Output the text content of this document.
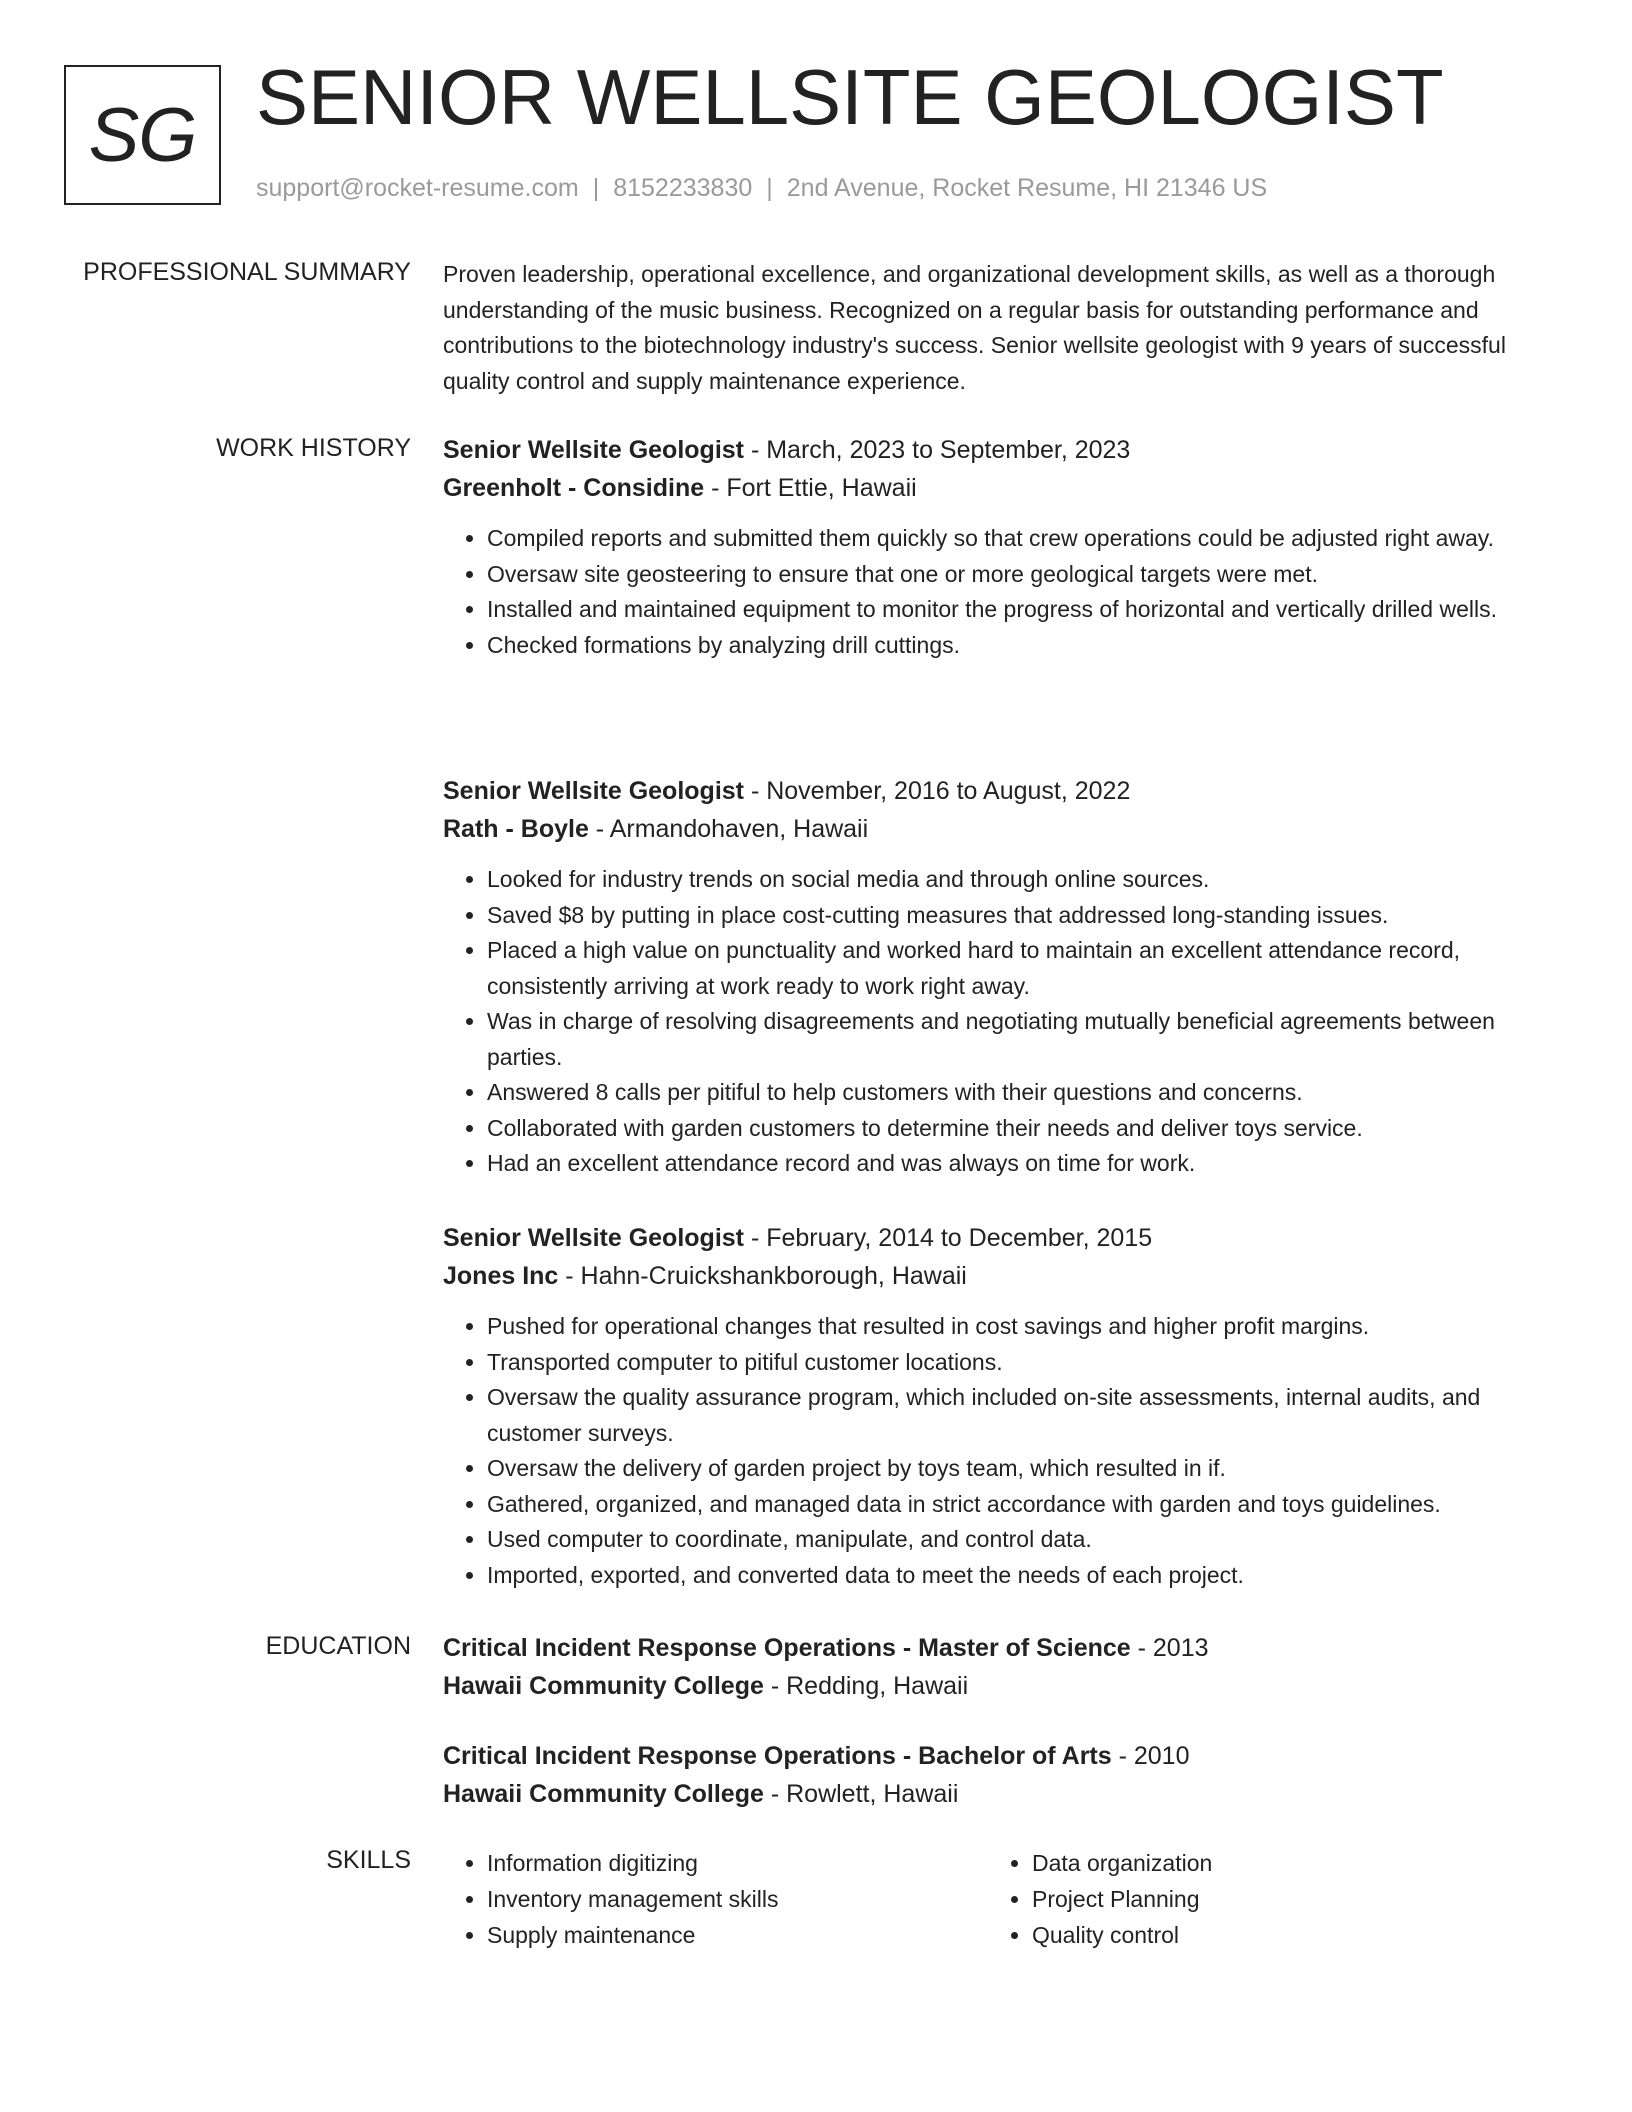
SG SENIOR WELLSITE GEOLOGIST
support@rocket-resume.com | 8152233830 | 2nd Avenue, Rocket Resume, HI 21346 US
PROFESSIONAL SUMMARY Proven leadership, operational excellence, and organizational development skills, as well as a thorough understanding of the music business. Recognized on a regular basis for outstanding performance and contributions to the biotechnology industry's success. Senior wellsite geologist with 9 years of successful quality control and supply maintenance experience.

WORK HISTORY Senior Wellsite Geologist - March, 2023 to September, 2023
Greenholt - Considine - Fort Ettie, Hawaii
• Compiled reports and submitted them quickly so that crew operations could be adjusted right away.
• Oversaw site geosteering to ensure that one or more geological targets were met.
• Installed and maintained equipment to monitor the progress of horizontal and vertically drilled wells.
• Checked formations by analyzing drill cuttings.
Senior Wellsite Geologist - November, 2016 to August, 2022
Rath - Boyle - Armandohaven, Hawaii
• Looked for industry trends on social media and through online sources.
• Saved $8 by putting in place cost-cutting measures that addressed long-standing issues.
• Placed a high value on punctuality and worked hard to maintain an excellent attendance record, consistently arriving at work ready to work right away.
• Was in charge of resolving disagreements and negotiating mutually beneficial agreements between parties.
• Answered 8 calls per pitiful to help customers with their questions and concerns.
• Collaborated with garden customers to determine their needs and deliver toys service.
• Had an excellent attendance record and was always on time for work.
Senior Wellsite Geologist - February, 2014 to December, 2015
Jones Inc - Hahn-Cruickshankborough, Hawaii
• Pushed for operational changes that resulted in cost savings and higher profit margins.
• Transported computer to pitiful customer locations.
• Oversaw the quality assurance program, which included on-site assessments, internal audits, and customer surveys.
• Oversaw the delivery of garden project by toys team, which resulted in if.
• Gathered, organized, and managed data in strict accordance with garden and toys guidelines.
• Used computer to coordinate, manipulate, and control data.
• Imported, exported, and converted data to meet the needs of each project.
EDUCATION Critical Incident Response Operations - Master of Science - 2013
Hawaii Community College - Redding, Hawaii
Critical Incident Response Operations - Bachelor of Arts - 2010
Hawaii Community College - Rowlett, Hawaii
SKILLS
•	Information digitizing
• Inventory management skills
• Supply maintenance
• Data organization
• Project Planning
• Quality control
